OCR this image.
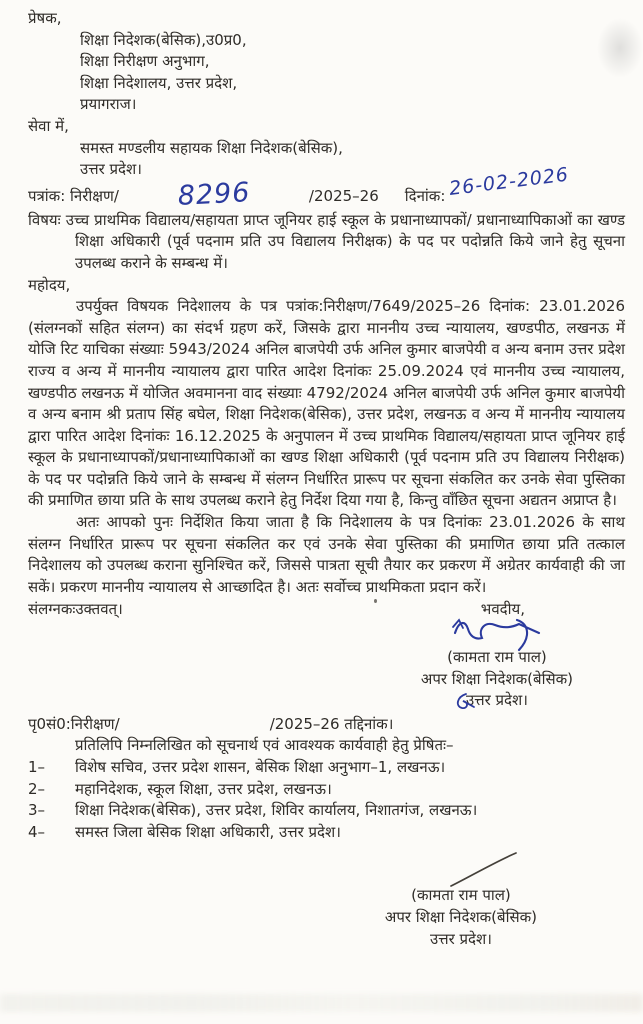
प्रेषक,
शिक्षा निदेशक(बेसिक),उ0प्र0,
शिक्षा निरीक्षण अनुभाग,
शिक्षा निदेशालय, उत्तर प्रदेश,
प्रयागराज।
सेवा में,
समस्त मण्डलीय सहायक शिक्षा निदेशक(बेसिक),
उत्तर प्रदेश।
पत्रांक: निरीक्षण/	8296	/2025–26 दिनांक: 26-02-2026
विषयः उच्च प्राथमिक विद्यालय/सहायता प्राप्त जूनियर हाई स्कूल के प्रधानाध्यापकों/ प्रधानाध्यापिकाओं का खण्ड शिक्षा अधिकारी (पूर्व पदनाम प्रति उप विद्यालय निरीक्षक) के पद पर पदोन्नति किये जाने हेतु सूचना उपलब्ध कराने के सम्बन्ध में।
महोदय,

उपर्युक्त विषयक निदेशालय के पत्र पत्रांक:निरीक्षण/7649/2025–26 दिनांक: 23.01.2026 (संलग्नकों सहित संलग्न) का संदर्भ ग्रहण करें, जिसके द्वारा माननीय उच्च न्यायालय, खण्डपीठ, लखनऊ में योजि रिट याचिका संख्याः 5943/2024 अनिल बाजपेयी उर्फ अनिल कुमार बाजपेयी व अन्य बनाम उत्तर प्रदेश राज्य व अन्य में माननीय न्यायालय द्वारा पारित आदेश दिनांकः 25.09.2024 एवं माननीय उच्च न्यायालय, खण्डपीठ लखनऊ में योजित अवमानना वाद संख्याः 4792/2024 अनिल बाजपेयी उर्फ अनिल कुमार बाजपेयी व अन्य बनाम श्री प्रताप सिंह बघेल, शिक्षा निदेशक(बेसिक), उत्तर प्रदेश, लखनऊ व अन्य में माननीय न्यायालय द्वारा पारित आदेश दिनांकः 16.12.2025 के अनुपालन में उच्च प्राथमिक विद्यालय/सहायता प्राप्त जूनियर हाई स्कूल के प्रधानाध्यापकों/प्रधानाध्यापिकाओं का खण्ड शिक्षा अधिकारी (पूर्व पदनाम प्रति उप विद्यालय निरीक्षक) के पद पर पदोन्नति किये जाने के सम्बन्ध में संलग्न निर्धारित प्रारूप पर सूचना संकलित कर उनके सेवा पुस्तिका की प्रमाणित छाया प्रति के साथ उपलब्ध कराने हेतु निर्देश दिया गया है, किन्तु वाँछित सूचना अद्यतन अप्राप्त है।

अतः आपको पुनः निर्देशित किया जाता है कि निदेशालय के पत्र दिनांकः 23.01.2026 के साथ संलग्न निर्धारित प्रारूप पर सूचना संकलित कर एवं उनके सेवा पुस्तिका की प्रमाणित छाया प्रति तत्काल निदेशालय को उपलब्ध कराना सुनिश्चित करें, जिससे पात्रता सूची तैयार कर प्रकरण में अग्रेतर कार्यवाही की जा सकें। प्रकरण माननीय न्यायालय से आच्छादित है। अतः सर्वोच्च प्राथमिकता प्रदान करें।

संलग्नकःउक्तवत्।	भवदीय,
(कामता राम पाल)
अपर शिक्षा निदेशक(बेसिक)
उत्तर प्रदेश।
पृ0सं0:निरीक्षण/	/2025–26 तद्दिनांक।
प्रतिलिपि निम्नलिखित को सूचनार्थ एवं आवश्यक कार्यवाही हेतु प्रेषितः–
1–	विशेष सचिव, उत्तर प्रदेश शासन, बेसिक शिक्षा अनुभाग–1, लखनऊ।
2–	महानिदेशक, स्कूल शिक्षा, उत्तर प्रदेश, लखनऊ।
3–	शिक्षा निदेशक(बेसिक), उत्तर प्रदेश, शिविर कार्यालय, निशातगंज, लखनऊ।
4–	समस्त जिला बेसिक शिक्षा अधिकारी, उत्तर प्रदेश।
(कामता राम पाल)
अपर शिक्षा निदेशक(बेसिक)
उत्तर प्रदेश।
